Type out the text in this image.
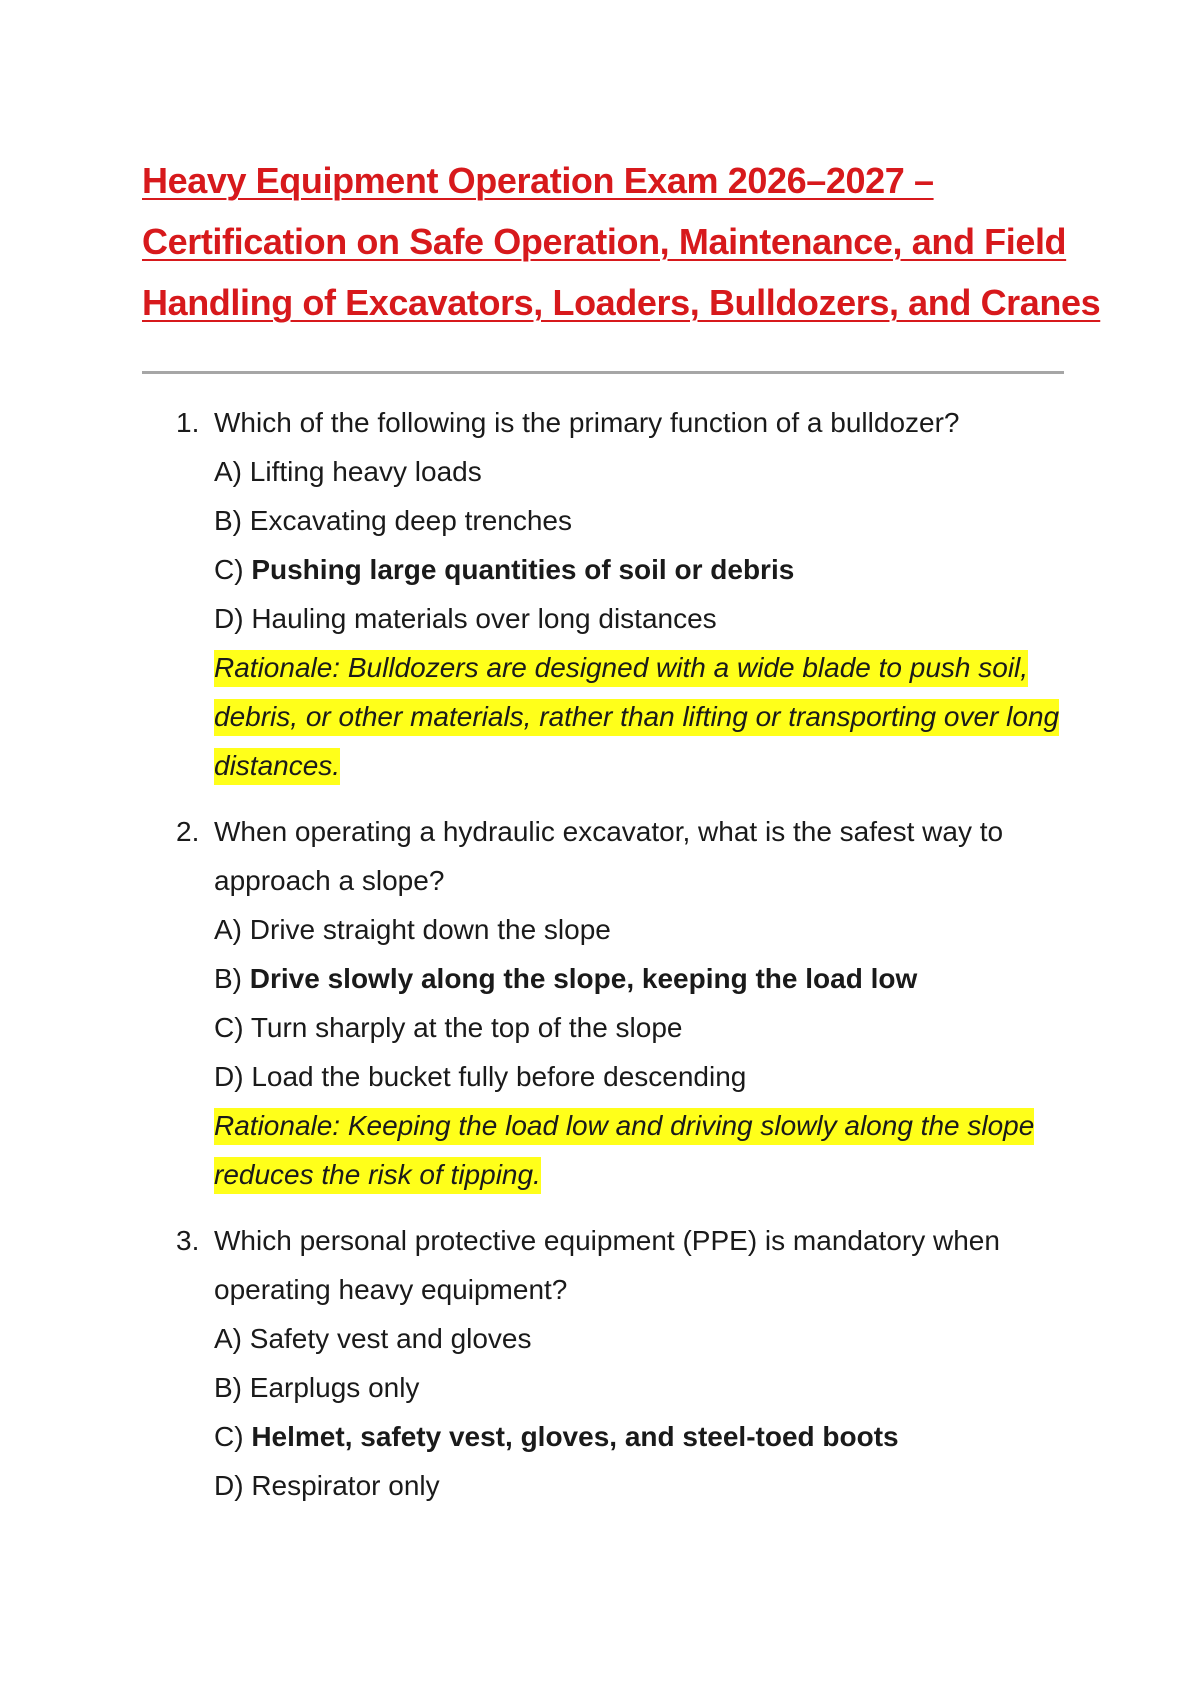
Heavy Equipment Operation Exam 2026–2027 –
Certification on Safe Operation, Maintenance, and Field
Handling of Excavators, Loaders, Bulldozers, and Cranes
1. Which of the following is the primary function of a bulldozer?
A) Lifting heavy loads
B) Excavating deep trenches
C) Pushing large quantities of soil or debris
D) Hauling materials over long distances
Rationale: Bulldozers are designed with a wide blade to push soil, debris, or other materials, rather than lifting or transporting over long distances.
2. When operating a hydraulic excavator, what is the safest way to approach a slope?
A) Drive straight down the slope
B) Drive slowly along the slope, keeping the load low
C) Turn sharply at the top of the slope
D) Load the bucket fully before descending
Rationale: Keeping the load low and driving slowly along the slope reduces the risk of tipping.
3. Which personal protective equipment (PPE) is mandatory when operating heavy equipment?
A) Safety vest and gloves
B) Earplugs only
C) Helmet, safety vest, gloves, and steel-toed boots
D) Respirator only
